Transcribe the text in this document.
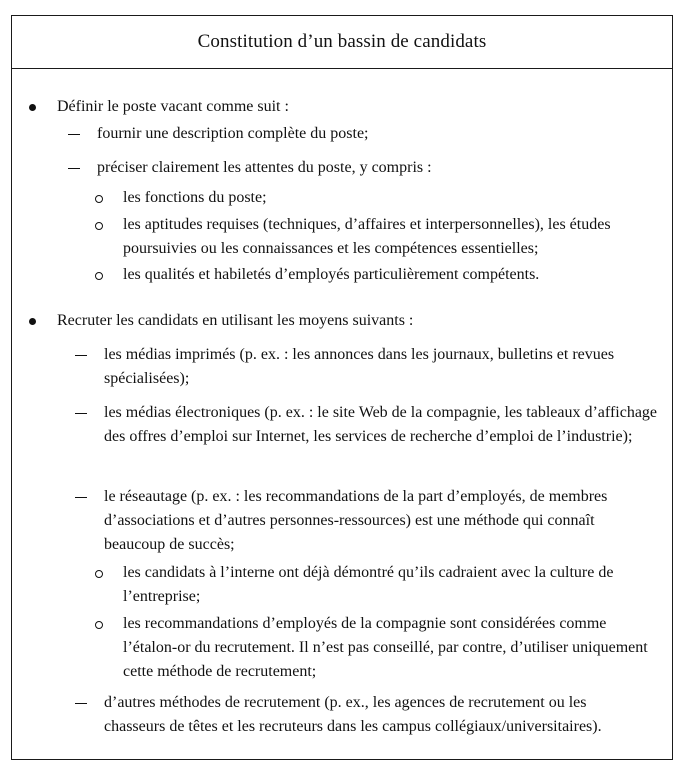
Constitution d’un bassin de candidats
Définir le poste vacant comme suit :
fournir une description complète du poste;
préciser clairement les attentes du poste, y compris :
les fonctions du poste;
les aptitudes requises (techniques, d’affaires et interpersonnelles), les études poursuivies ou les connaissances et les compétences essentielles;
les qualités et habiletés d’employés particulièrement compétents.
Recruter les candidats en utilisant les moyens suivants :
les médias imprimés (p. ex. : les annonces dans les journaux, bulletins et revues spécialisées);
les médias électroniques (p. ex. : le site Web de la compagnie, les tableaux d’affichage des offres d’emploi sur Internet, les services de recherche d’emploi de l’industrie);
le réseautage (p. ex. : les recommandations de la part d’employés, de membres d’associations et d’autres personnes-ressources) est une méthode qui connaît beaucoup de succès;
les candidats à l’interne ont déjà démontré qu’ils cadraient avec la culture de l’entreprise;
les recommandations d’employés de la compagnie sont considérées comme l’étalon-or du recrutement. Il n’est pas conseillé, par contre, d’utiliser uniquement cette méthode de recrutement;
d’autres méthodes de recrutement (p. ex., les agences de recrutement ou les chasseurs de têtes et les recruteurs dans les campus collégiaux/universitaires).
